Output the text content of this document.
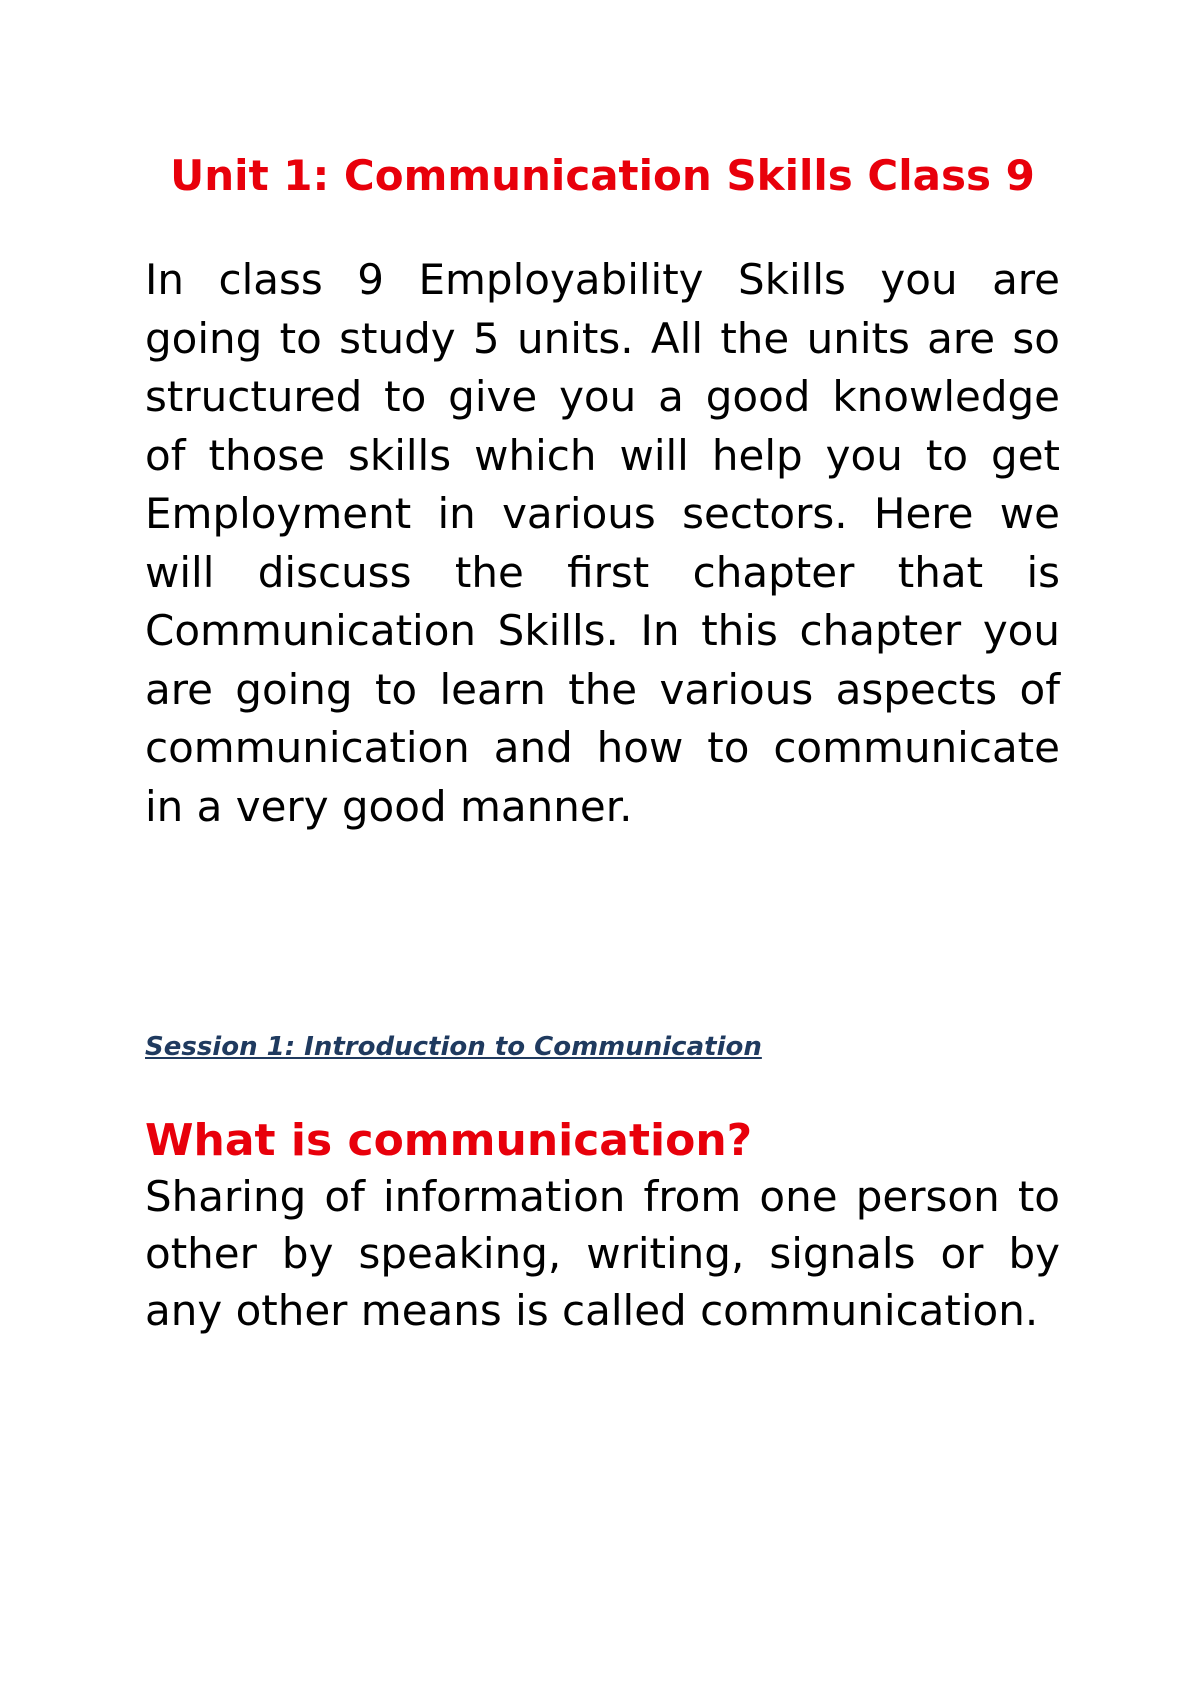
Unit 1: Communication Skills Class 9

In class 9 Employability Skills you are going to study 5 units. All the units are so structured to give you a good knowledge of those skills which will help you to get Employment in various sectors. Here we will discuss the first chapter that is Communication Skills. In this chapter you are going to learn the various aspects of communication and how to communicate in a very good manner.

Session 1: Introduction to Communication

What is communication?

Sharing of information from one person to other by speaking, writing, signals or by any other means is called communication.
